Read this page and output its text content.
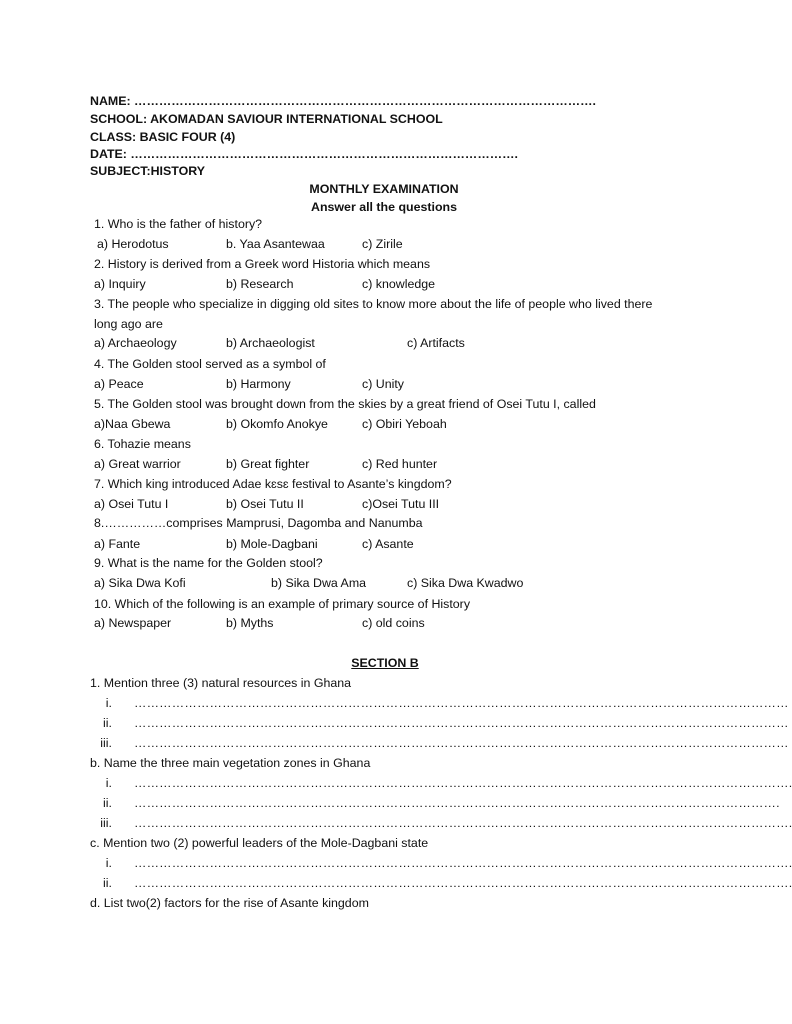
NAME: ………………………………………………………………………………………………….
SCHOOL: AKOMADAN SAVIOUR INTERNATIONAL SCHOOL
CLASS: BASIC FOUR (4)
DATE: ………………………………………………………………………………….
SUBJECT:HISTORY
MONTHLY EXAMINATION
Answer all the questions
1. Who is the father of history?
a) Herodotus	b. Yaa Asantewaa	c) Zirile
2. History is derived from a Greek word Historia which means
a) Inquiry	b) Research	c) knowledge
3. The people who specialize in digging old sites to know more about the life of people who lived there
long ago are
a) Archaeology	b) Archaeologist	c) Artifacts
4. The Golden stool served as a symbol of
a) Peace	b) Harmony	c) Unity
5. The Golden stool was brought down from the skies by a great friend of Osei Tutu I, called
a)Naa Gbewa	b) Okomfo Anokye	c) Obiri Yeboah
6. Tohazie means
a) Great warrior	b) Great fighter	c) Red hunter
7. Which king introduced Adae kɛsɛ festival to Asante’s kingdom?
a) Osei Tutu I	b) Osei Tutu II	c)Osei Tutu III
8.……………comprises Mamprusi, Dagomba and Nanumba
a) Fante	b) Mole-Dagbani	c) Asante
9. What is the name for the Golden stool?
a) Sika Dwa Kofi	b) Sika Dwa Ama	c) Sika Dwa Kwadwo
10. Which of the following is an example of primary source of History
a) Newspaper	b) Myths	c) old coins
SECTION B
1. Mention three (3) natural resources in Ghana
i. …………………………………………………………………………………………………………………………………………
ii. …………………………………………………………………………………………………………………………………………
iii. …………………………………………………………………………………………………………………………………………
b. Name the three main vegetation zones in Ghana
i. ………………………………………………………………………………………………………………………………………….
ii. ……………………………………………………………………………………………………………………………………….
iii. ………………………………………………………………………………………………………………………………………….
c. Mention two (2) powerful leaders of the Mole-Dagbani state
i. ………………………………………………………………………………………………………………………………………….
ii. ………………………………………………………………………………………………………………………………………….
d. List two(2) factors for the rise of Asante kingdom
